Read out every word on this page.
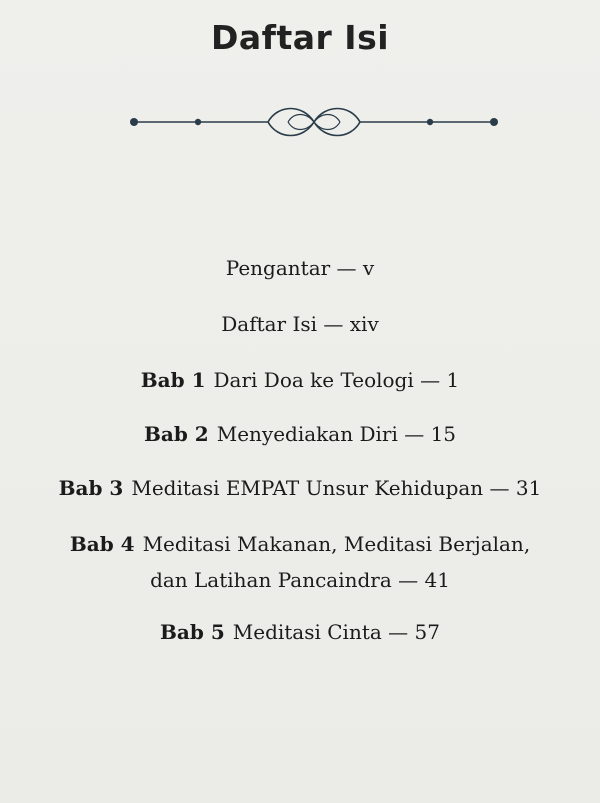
Daftar Isi
Pengantar — v
Daftar Isi — xiv
Bab 1 Dari Doa ke Teologi — 1
Bab 2 Menyediakan Diri — 15
Bab 3 Meditasi EMPAT Unsur Kehidupan — 31
Bab 4 Meditasi Makanan, Meditasi Berjalan,
dan Latihan Pancaindra — 41
Bab 5 Meditasi Cinta — 57
